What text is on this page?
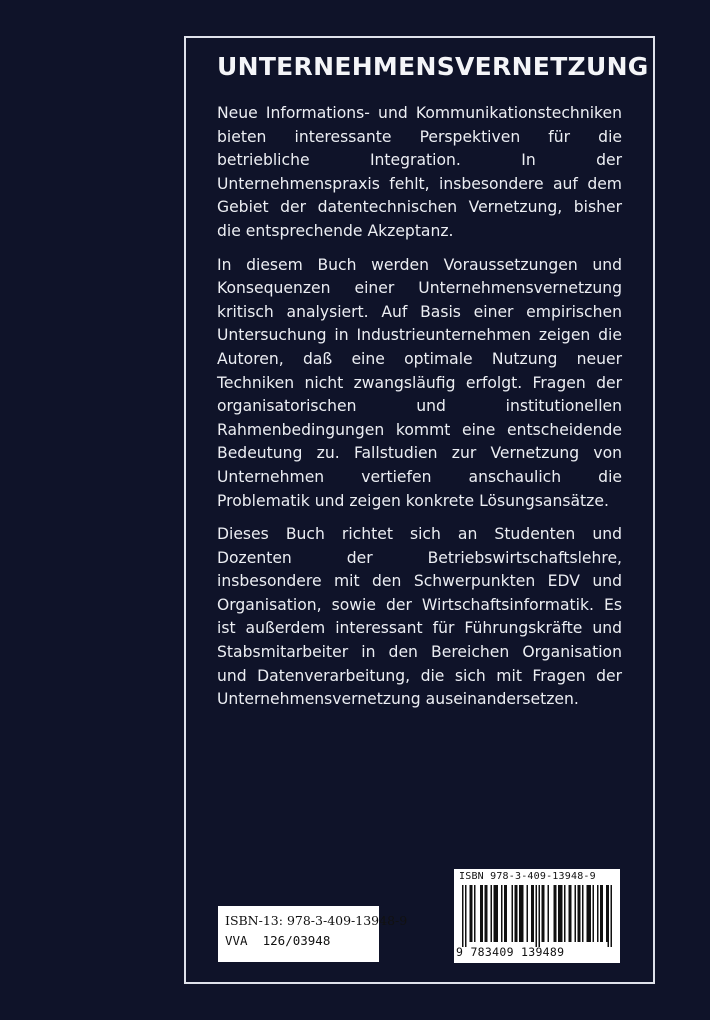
UNTERNEHMENSVERNETZUNG

Neue Informations- und Kommunikationstechniken bieten interessante Perspektiven für die betriebliche Integration. In der Unternehmenspraxis fehlt, insbesondere auf dem Gebiet der datentechnischen Vernetzung, bisher die entsprechende Akzeptanz.

In diesem Buch werden Voraussetzungen und Konsequenzen einer Unternehmensvernetzung kritisch analysiert. Auf Basis einer empirischen Untersuchung in Industrieunternehmen zeigen die Autoren, daß eine optimale Nutzung neuer Techniken nicht zwangsläufig erfolgt. Fragen der organisatorischen und institutionellen Rahmenbedingungen kommt eine entscheidende Bedeutung zu. Fallstudien zur Vernetzung von Unternehmen vertiefen anschaulich die Problematik und zeigen konkrete Lösungsansätze.

Dieses Buch richtet sich an Studenten und Dozenten der Betriebswirtschaftslehre, insbesondere mit den Schwerpunkten EDV und Organisation, sowie der Wirtschaftsinformatik. Es ist außerdem interessant für Führungskräfte und Stabsmitarbeiter in den Bereichen Organisation und Datenverarbeitung, die sich mit Fragen der Unternehmensvernetzung auseinandersetzen.

ISBN 978-3-409-13948-9
9 783409 139489
ISBN-13: 978-3-409-13948-9
VVA  126/03948
